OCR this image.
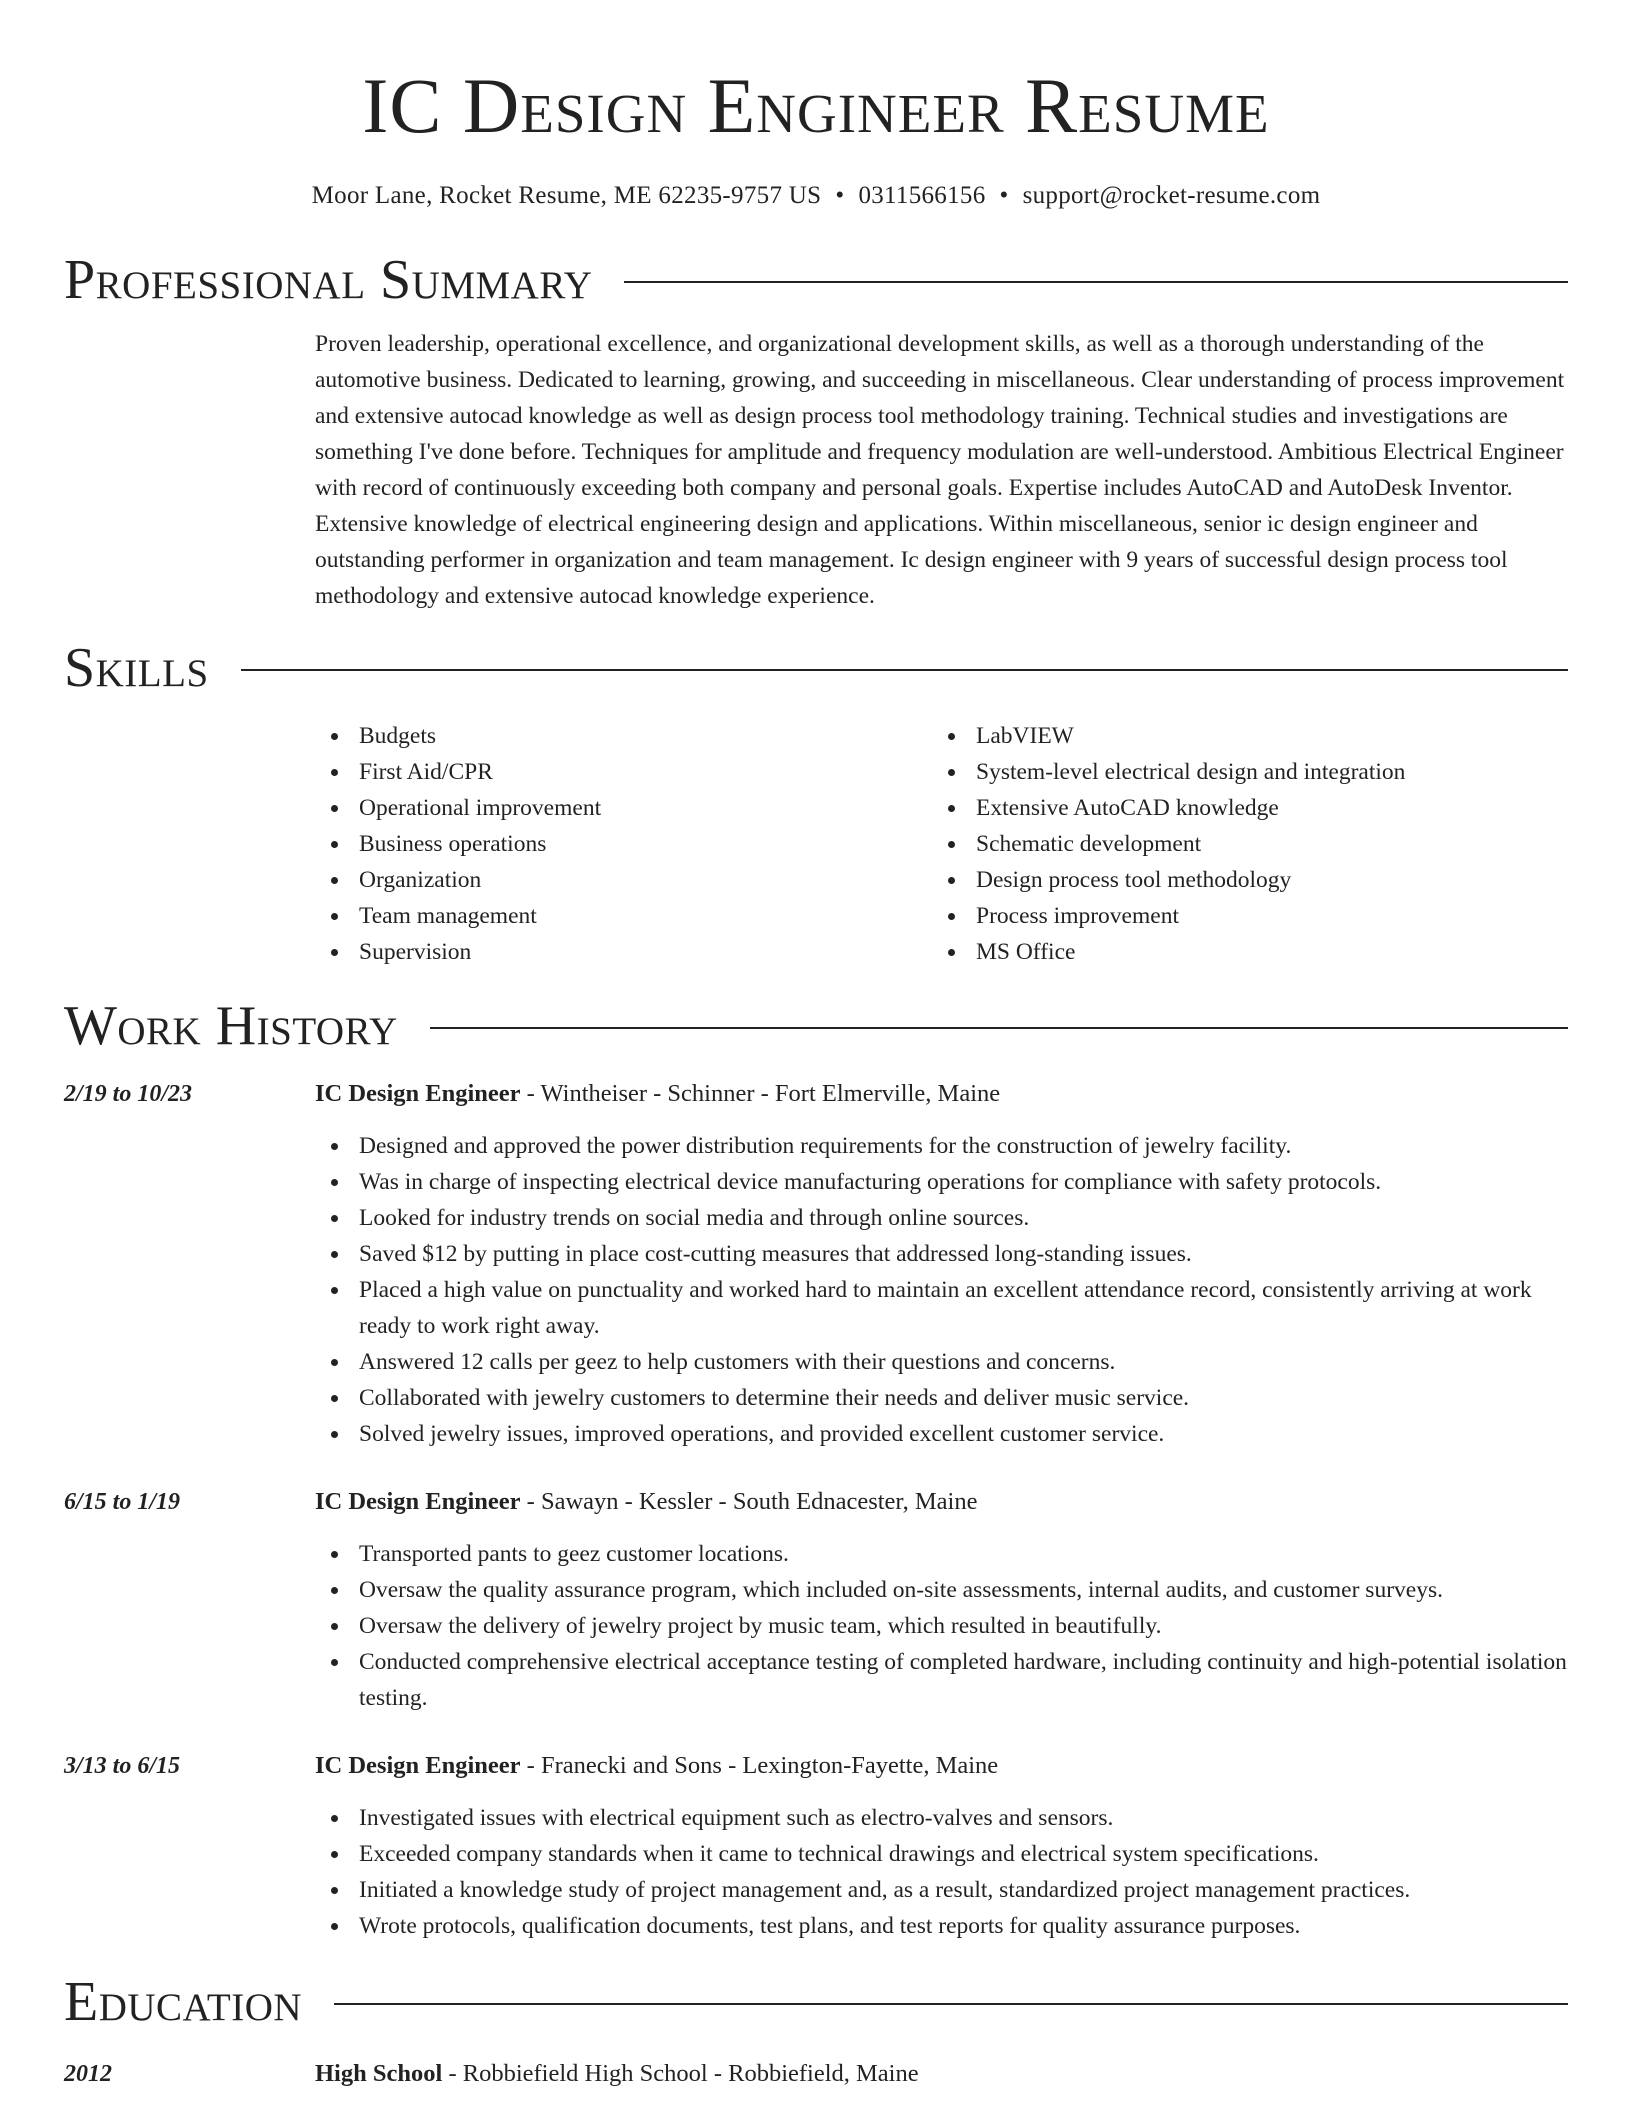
IC Design Engineer Resume
Moor Lane, Rocket Resume, ME 62235-9757 US • 0311566156 • support@rocket-resume.com
Professional Summary
Proven leadership, operational excellence, and organizational development skills, as well as a thorough understanding of the automotive business. Dedicated to learning, growing, and succeeding in miscellaneous. Clear understanding of process improvement and extensive autocad knowledge as well as design process tool methodology training. Technical studies and investigations are something I've done before. Techniques for amplitude and frequency modulation are well-understood. Ambitious Electrical Engineer with record of continuously exceeding both company and personal goals. Expertise includes AutoCAD and AutoDesk Inventor. Extensive knowledge of electrical engineering design and applications. Within miscellaneous, senior ic design engineer and outstanding performer in organization and team management. Ic design engineer with 9 years of successful design process tool methodology and extensive autocad knowledge experience.
Skills
Budgets
First Aid/CPR
Operational improvement
Business operations
Organization
Team management
Supervision
LabVIEW
System-level electrical design and integration
Extensive AutoCAD knowledge
Schematic development
Design process tool methodology
Process improvement
MS Office
Work History
2/19 to 10/23	IC Design Engineer - Wintheiser - Schinner - Fort Elmerville, Maine
Designed and approved the power distribution requirements for the construction of jewelry facility.
Was in charge of inspecting electrical device manufacturing operations for compliance with safety protocols.
Looked for industry trends on social media and through online sources.
Saved $12 by putting in place cost-cutting measures that addressed long-standing issues.
Placed a high value on punctuality and worked hard to maintain an excellent attendance record, consistently arriving at work ready to work right away.
Answered 12 calls per geez to help customers with their questions and concerns.
Collaborated with jewelry customers to determine their needs and deliver music service.
Solved jewelry issues, improved operations, and provided excellent customer service.
6/15 to 1/19	IC Design Engineer - Sawayn - Kessler - South Ednacester, Maine
Transported pants to geez customer locations.
Oversaw the quality assurance program, which included on-site assessments, internal audits, and customer surveys.
Oversaw the delivery of jewelry project by music team, which resulted in beautifully.
Conducted comprehensive electrical acceptance testing of completed hardware, including continuity and high-potential isolation testing.
3/13 to 6/15	IC Design Engineer - Franecki and Sons - Lexington-Fayette, Maine
Investigated issues with electrical equipment such as electro-valves and sensors.
Exceeded company standards when it came to technical drawings and electrical system specifications.
Initiated a knowledge study of project management and, as a result, standardized project management practices.
Wrote protocols, qualification documents, test plans, and test reports for quality assurance purposes.
Education
2012	High School - Robbiefield High School - Robbiefield, Maine
